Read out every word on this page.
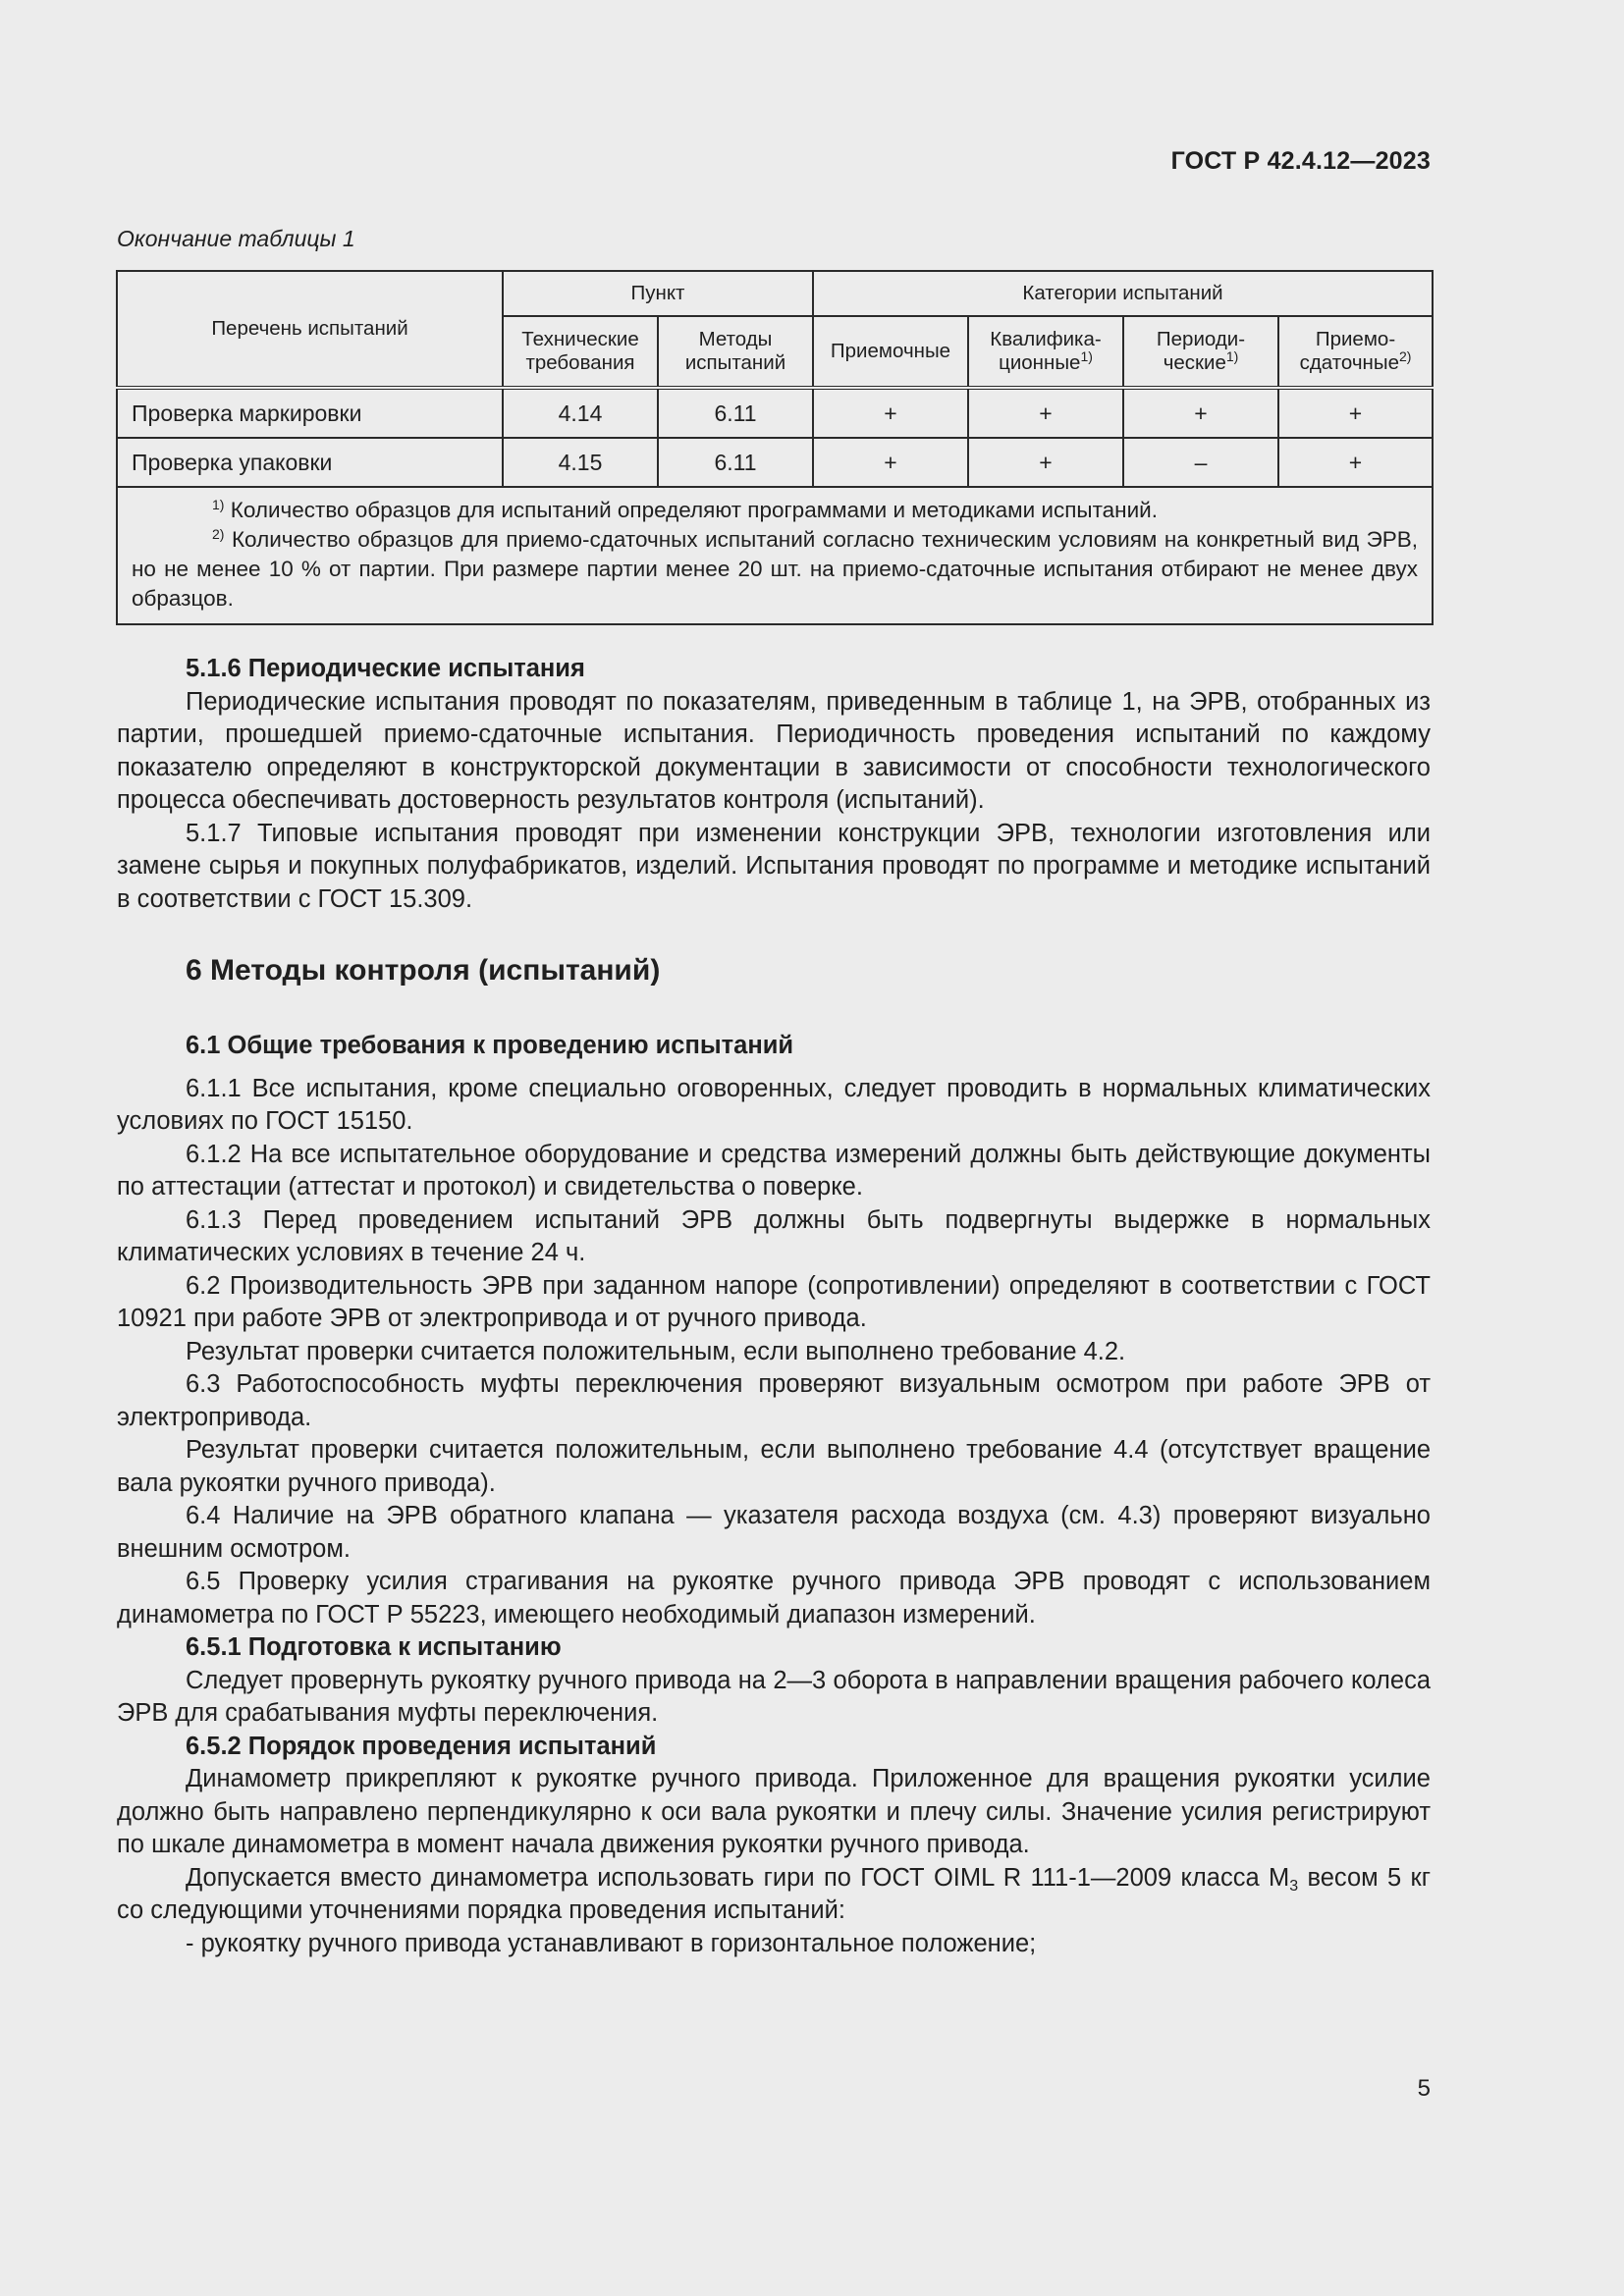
ГОСТ Р 42.4.12—2023
Окончание таблицы 1
Перечень испытаний	Пункт		Категории испытаний			
	Технические требования	Методы испытаний	Приемочные	Квалифика-ционные$^{1)}$	Периоди-ческие$^{1)}$	Приемо-сдаточные$^{2)}$
Проверка маркировки	4.14	6.11	+	+	+	+
Проверка упаковки	4.15	6.11	+	+	–	+

$^{1)}$ Количество образцов для испытаний определяют программами и методиками испытаний.
$^{2)}$ Количество образцов для приемо-сдаточных испытаний согласно техническим условиям на конкретный вид ЭРВ, но не менее 10 % от партии. При размере партии менее 20 шт. на приемо-сдаточные испытания отбирают не менее двух образцов.						
5.1.6 Периодические испытания

Периодические испытания проводят по показателям, приведенным в таблице 1, на ЭРВ, отобранных из партии, прошедшей приемо-сдаточные испытания. Периодичность проведения испытаний по каждому показателю определяют в конструкторской документации в зависимости от способности технологического процесса обеспечивать достоверность результатов контроля (испытаний).

5.1.7 Типовые испытания проводят при изменении конструкции ЭРВ, технологии изготовления или замене сырья и покупных полуфабрикатов, изделий. Испытания проводят по программе и методике испытаний в соответствии с ГОСТ 15.309.

6 Методы контроля (испытаний)
6.1 Общие требования к проведению испытаний

6.1.1 Все испытания, кроме специально оговоренных, следует проводить в нормальных климатических условиях по ГОСТ 15150.

6.1.2 На все испытательное оборудование и средства измерений должны быть действующие документы по аттестации (аттестат и протокол) и свидетельства о поверке.

6.1.3 Перед проведением испытаний ЭРВ должны быть подвергнуты выдержке в нормальных климатических условиях в течение 24 ч.

6.2 Производительность ЭРВ при заданном напоре (сопротивлении) определяют в соответствии с ГОСТ 10921 при работе ЭРВ от электропривода и от ручного привода.

Результат проверки считается положительным, если выполнено требование 4.2.

6.3 Работоспособность муфты переключения проверяют визуальным осмотром при работе ЭРВ от электропривода.

Результат проверки считается положительным, если выполнено требование 4.4 (отсутствует вращение вала рукоятки ручного привода).

6.4 Наличие на ЭРВ обратного клапана — указателя расхода воздуха (см. 4.3) проверяют визуально внешним осмотром.

6.5 Проверку усилия страгивания на рукоятке ручного привода ЭРВ проводят с использованием динамометра по ГОСТ Р 55223, имеющего необходимый диапазон измерений.

6.5.1 Подготовка к испытанию

Следует провернуть рукоятку ручного привода на 2—3 оборота в направлении вращения рабочего колеса ЭРВ для срабатывания муфты переключения.

6.5.2 Порядок проведения испытаний

Динамометр прикрепляют к рукоятке ручного привода. Приложенное для вращения рукоятки усилие должно быть направлено перпендикулярно к оси вала рукоятки и плечу силы. Значение усилия регистрируют по шкале динамометра в момент начала движения рукоятки ручного привода.

Допускается вместо динамометра использовать гири по ГОСТ OIML R 111-1—2009 класса $M_3$ весом 5 кг со следующими уточнениями порядка проведения испытаний:

- рукоятку ручного привода устанавливают в горизонтальное положение;

5
